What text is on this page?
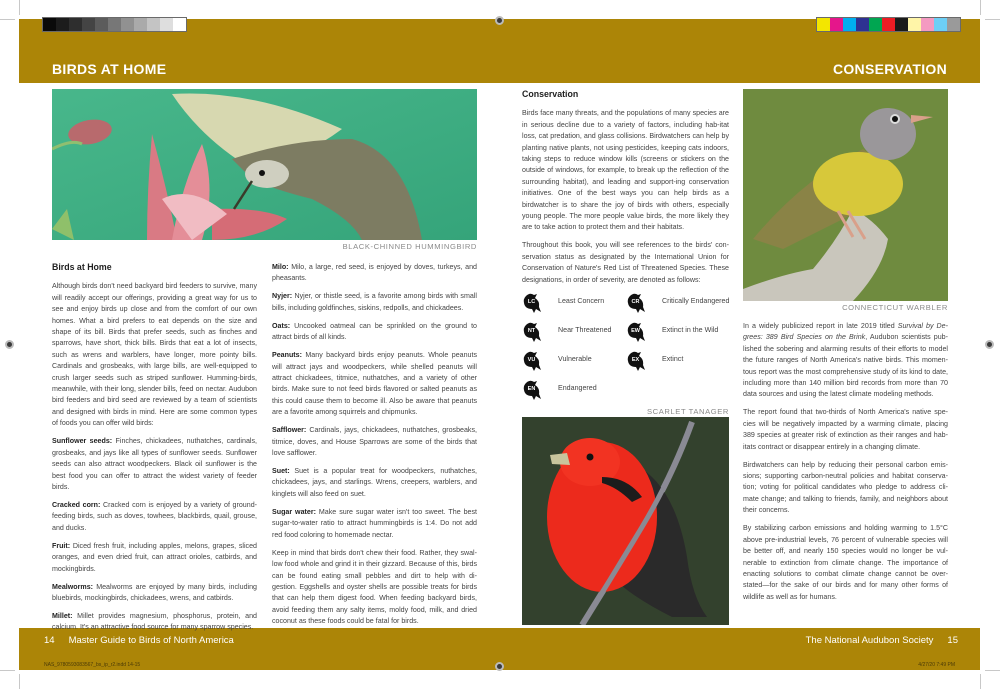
BIRDS AT HOME	CONSERVATION
BLACK-CHINNED HUMMINGBIRD
Birds at Home

Although birds don't need backyard bird feeders to survive, many will readily accept our offerings, providing a great way for us to see and enjoy birds up close and from the comfort of our own homes. What a bird prefers to eat depends on the size and shape of its bill. Birds that prefer seeds, such as finches and sparrows, have short, thick bills. Birds that eat a lot of insects, such as wrens and warblers, have longer, more pointy bills. Cardinals and grosbeaks, with large bills, are well-equipped to crush larger seeds such as striped sunflower. Humming-birds, meanwhile, with their long, slender bills, feed on nectar. Audubon bird feeders and bird seed are reviewed by a team of scientists and designed with birds in mind. Here are some common types of foods you can offer wild birds:

Sunflower seeds: Finches, chickadees, nuthatches, cardinals, grosbeaks, and jays like all types of sunflower seeds. Sunflower seeds can also attract woodpeckers. Black oil sunflower is the best food you can offer to attract the widest variety of feeder birds.

Cracked corn: Cracked corn is enjoyed by a variety of ground-feeding birds, such as doves, towhees, blackbirds, quail, grouse, and ducks.

Fruit: Diced fresh fruit, including apples, melons, grapes, sliced oranges, and even dried fruit, can attract orioles, catbirds, and mockingbirds.

Mealworms: Mealworms are enjoyed by many birds, including bluebirds, mockingbirds, chickadees, wrens, and catbirds.

Millet: Millet provides magnesium, phosphorus, protein, and calcium. It's an attractive food source for many sparrow species.

Milo: Milo, a large, red seed, is enjoyed by doves, turkeys, and pheasants.

Nyjer: Nyjer, or thistle seed, is a favorite among birds with small bills, including goldfinches, siskins, redpolls, and chickadees.

Oats: Uncooked oatmeal can be sprinkled on the ground to attract birds of all kinds.

Peanuts: Many backyard birds enjoy peanuts. Whole peanuts will attract jays and woodpeckers, while shelled peanuts will attract chickadees, titmice, nuthatches, and a variety of other birds. Make sure to not feed birds flavored or salted peanuts as this could cause them to become ill. Also be aware that peanuts are a favorite among squirrels and chipmunks.

Safflower: Cardinals, jays, chickadees, nuthatches, grosbeaks, titmice, doves, and House Sparrows are some of the birds that love safflower.

Suet: Suet is a popular treat for woodpeckers, nuthatches, chickadees, jays, and starlings. Wrens, creepers, warblers, and kinglets will also feed on suet.

Sugar water: Make sure sugar water isn't too sweet. The best sugar-to-water ratio to attract hummingbirds is 1:4. Do not add red food coloring to homemade nectar.

Keep in mind that birds don't chew their food. Rather, they swal-low food whole and grind it in their gizzard. Because of this, birds can be found eating small pebbles and dirt to help with di-gestion. Eggshells and oyster shells are possible treats for birds that can help them digest food. When feeding backyard birds, avoid feeding them any salty items, moldy food, milk, and dried coconut as these foods could be fatal for birds.

Conservation

Birds face many threats, and the populations of many species are in serious decline due to a variety of factors, including hab-itat loss, cat predation, and glass collisions. Birdwatchers can help by planting native plants, not using pesticides, keeping cats indoors, taking steps to reduce window kills (screens or stickers on the outside of windows, for example, to break up the reflection of the surrounding habitat), and leading and support-ing conservation initiatives. One of the best ways you can help birds as a birdwatcher is to share the joy of birds with others, especially young people. The more people value birds, the more likely they are to take action to protect them and their habitats.

Throughout this book, you will see references to the birds' con-servation status as designated by the International Union for Conservation of Nature's Red List of Threatened Species. These designations, in order of severity, are denoted as follows:

LC	Least Concern	CR	Critically Endangered
NT	Near Threatened	EW	Extinct in the Wild
VU	Vulnerable	EX	Extinct
EN	Endangered
SCARLET TANAGER
CONNECTICUT WARBLER

In a widely publicized report in late 2019 titled Survival by De-grees: 389 Bird Species on the Brink, Audubon scientists pub-lished the sobering and alarming results of their efforts to model the future ranges of North America's native birds. This momen-tous report was the most comprehensive study of its kind to date, including more than 140 million bird records from more than 70 data sources and using the latest climate modeling methods.

The report found that two-thirds of North America's native spe-cies will be negatively impacted by a warming climate, placing 389 species at greater risk of extinction as their ranges and hab-itats contract or disappear entirely in a changing climate.

Birdwatchers can help by reducing their personal carbon emis-sions; supporting carbon-neutral policies and habitat conserva-tion; voting for political candidates who pledge to address cli-mate change; and talking to friends, family, and neighbors about their concerns.

By stabilizing carbon emissions and holding warming to 1.5°C above pre-industrial levels, 76 percent of vulnerable species will be better off, and nearly 150 species would no longer be vul-nerable to extinction from climate change. The importance of enacting solutions to combat climate change cannot be over-stated—for the sake of our birds and for many other forms of wildlife as well as for humans.

14 Master Guide to Birds of North America	The National Audubon Society 15
NAS_9780593083567_bs_ip_r2.indd 14-15	4/27/20 7:49 PM
